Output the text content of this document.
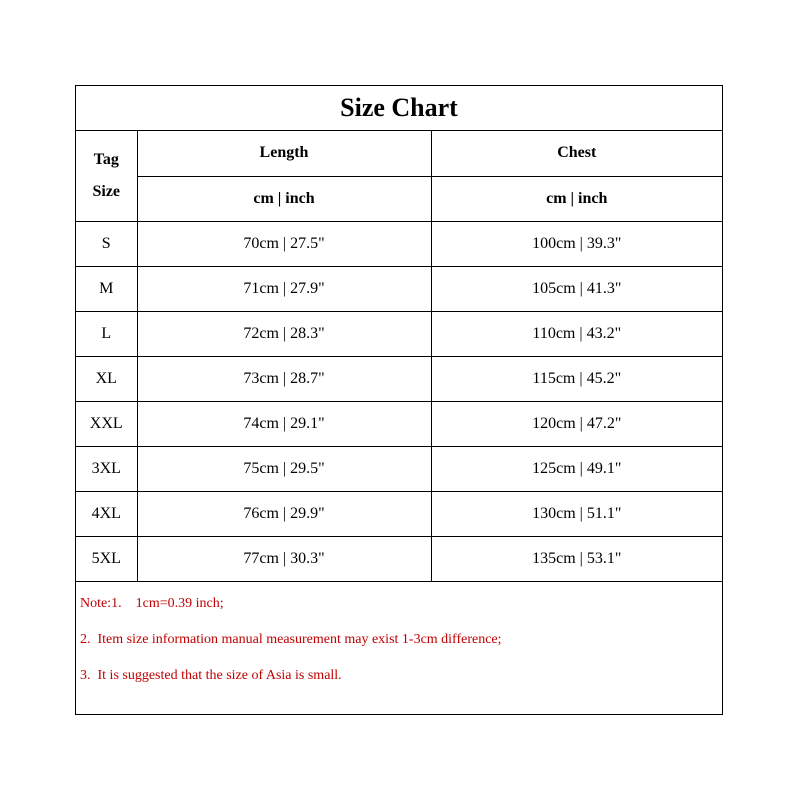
Size Chart
Tag
Size	Length	Chest
	cm | inch	cm | inch
S	70cm | 27.5"	100cm | 39.3"
M	71cm | 27.9"	105cm | 41.3"
L	72cm | 28.3"	110cm | 43.2"
XL	73cm | 28.7"	115cm | 45.2"
XXL	74cm | 29.1"	120cm | 47.2"
3XL	75cm | 29.5"	125cm | 49.1"
4XL	76cm | 29.9"	130cm | 51.1"
5XL	77cm | 30.3"	135cm | 53.1"
Note:1.    1cm=0.39 inch;
2.  Item size information manual measurement may exist 1-3cm difference;
3.  It is suggested that the size of Asia is small.
